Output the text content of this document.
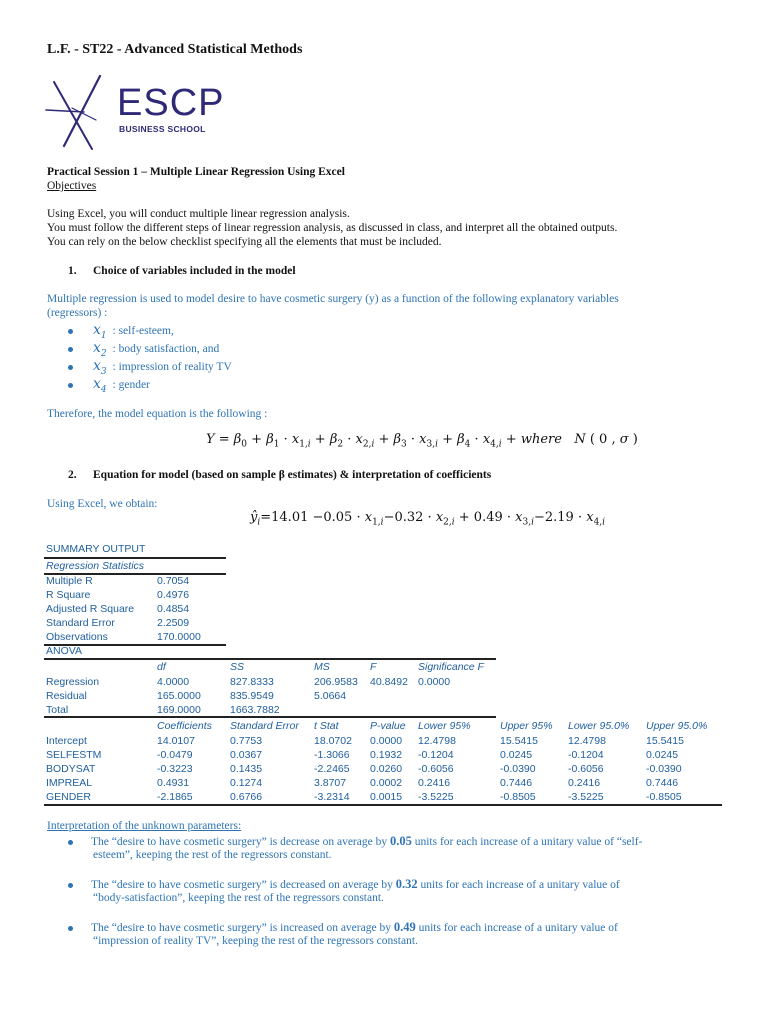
L.F. - ST22 - Advanced Statistical Methods
ESCP
BUSINESS SCHOOL
Practical Session 1 – Multiple Linear Regression Using Excel
Objectives
Using Excel, you will conduct multiple linear regression analysis.
You must follow the different steps of linear regression analysis, as discussed in class, and interpret all the obtained outputs.
You can rely on the below checklist specifying all the elements that must be included.
1. Choice of variables included in the model
Multiple regression is used to model desire to have cosmetic surgery (y) as a function of the following explanatory variables
(regressors) :
$x_1$ : self-esteem,
$x_2$ : body satisfaction, and
$x_3$ : impression of reality TV
$x_4$ : gender
Therefore, the model equation is the following :
$Y = \beta_0 + \beta_1 \cdot x_{1,i} + \beta_2 \cdot x_{2,i} + \beta_3 \cdot x_{3,i} + \beta_4 \cdot x_{4,i}$ + where N ( 0 , σ )
2. Equation for model (based on sample β estimates) & interpretation of coefficients
Using Excel, we obtain:
$ŷ_i=14.01 -0.05 \cdot x_{1,i}-0.32 \cdot x_{2,i} + 0.49 \cdot x_{3,i}-2.19 \cdot x_{4,i}$
SUMMARY OUTPUT
Regression Statistics
Multiple R	0.7054
R Square	0.4976
Adjusted R Square 0.4854
Standard Error	2.2509
Observations	170.0000
ANOVA
df	SS	MS	F	Significance F
Regression	4.0000	827.8333	206.9583 40.8492 0.0000
Residual	165.0000	835.9549	5.0664
Total	169.0000	1663.7882
Coefficients Standard Error t Stat	P-value Lower 95%	Upper 95% Lower 95.0% Upper 95.0%
Intercept	14.0107	0.7753	18.0702 0.0000 12.4798	15.5415	12.4798	15.5415
SELFESTM	-0.0479	0.0367	-1.3066 0.1932 -0.1204	0.0245	-0.1204	0.0245
BODYSAT	-0.3223	0.1435	-2.2465 0.0260 -0.6056	-0.0390	-0.6056	-0.0390
IMPREAL	0.4931	0.1274	3.8707 0.0002 0.2416	0.7446	0.2416	0.7446
GENDER	-2.1865	0.6766	-3.2314 0.0015 -3.5225	-0.8505	-3.5225	-0.8505
Interpretation of the unknown parameters:
The “desire to have cosmetic surgery” is decrease on average by 0.05 units for each increase of a unitary value of “self-
esteem”, keeping the rest of the regressors constant.
The “desire to have cosmetic surgery” is decreased on average by 0.32 units for each increase of a unitary value of
“body-satisfaction”, keeping the rest of the regressors constant.
The “desire to have cosmetic surgery” is increased on average by 0.49 units for each increase of a unitary value of
“impression of reality TV”, keeping the rest of the regressors constant.
